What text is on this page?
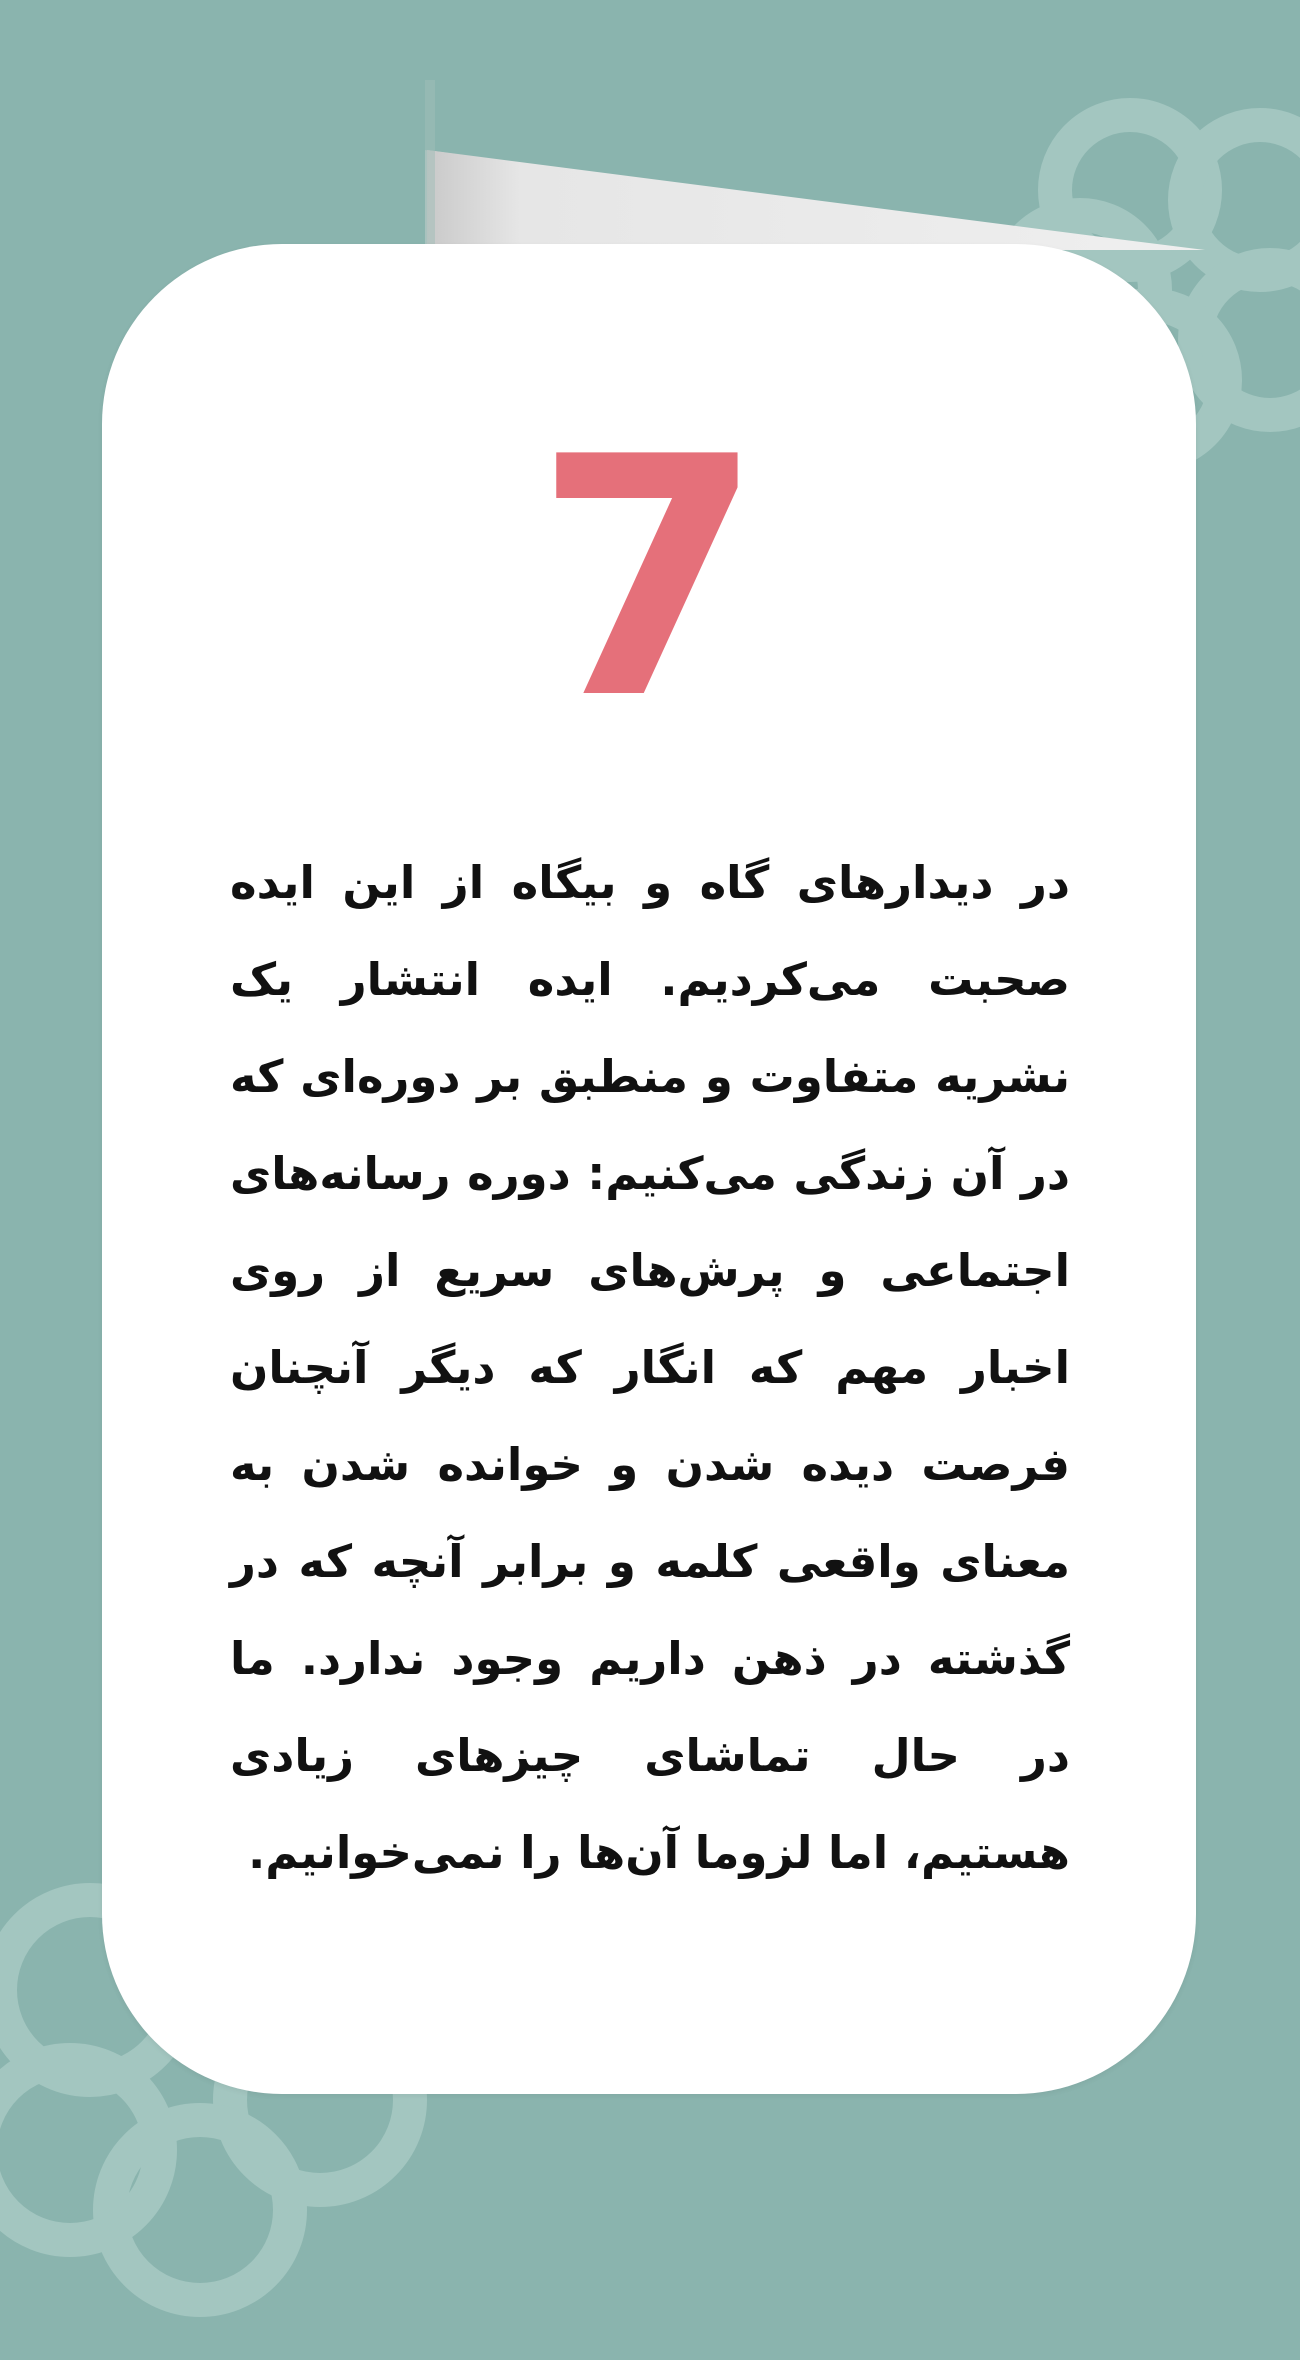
7

در دیدارهای گاه و بیگاه از این ایده صحبت می‌کردیم. ایده انتشار یک نشریه متفاوت و منطبق بر دوره‌ای که در آن زندگی می‌کنیم: دوره رسانه‌های اجتماعی و پرش‌های سریع از روی اخبار مهم که انگار که دیگر آنچنان فرصت دیده شدن و خوانده شدن به معنای واقعی کلمه و برابر آنچه که در گذشته در ذهن داریم وجود ندارد. ما در حال تماشای چیزهای زیادی هستیم، اما لزوما آن‌ها را نمی‌خوانیم.
